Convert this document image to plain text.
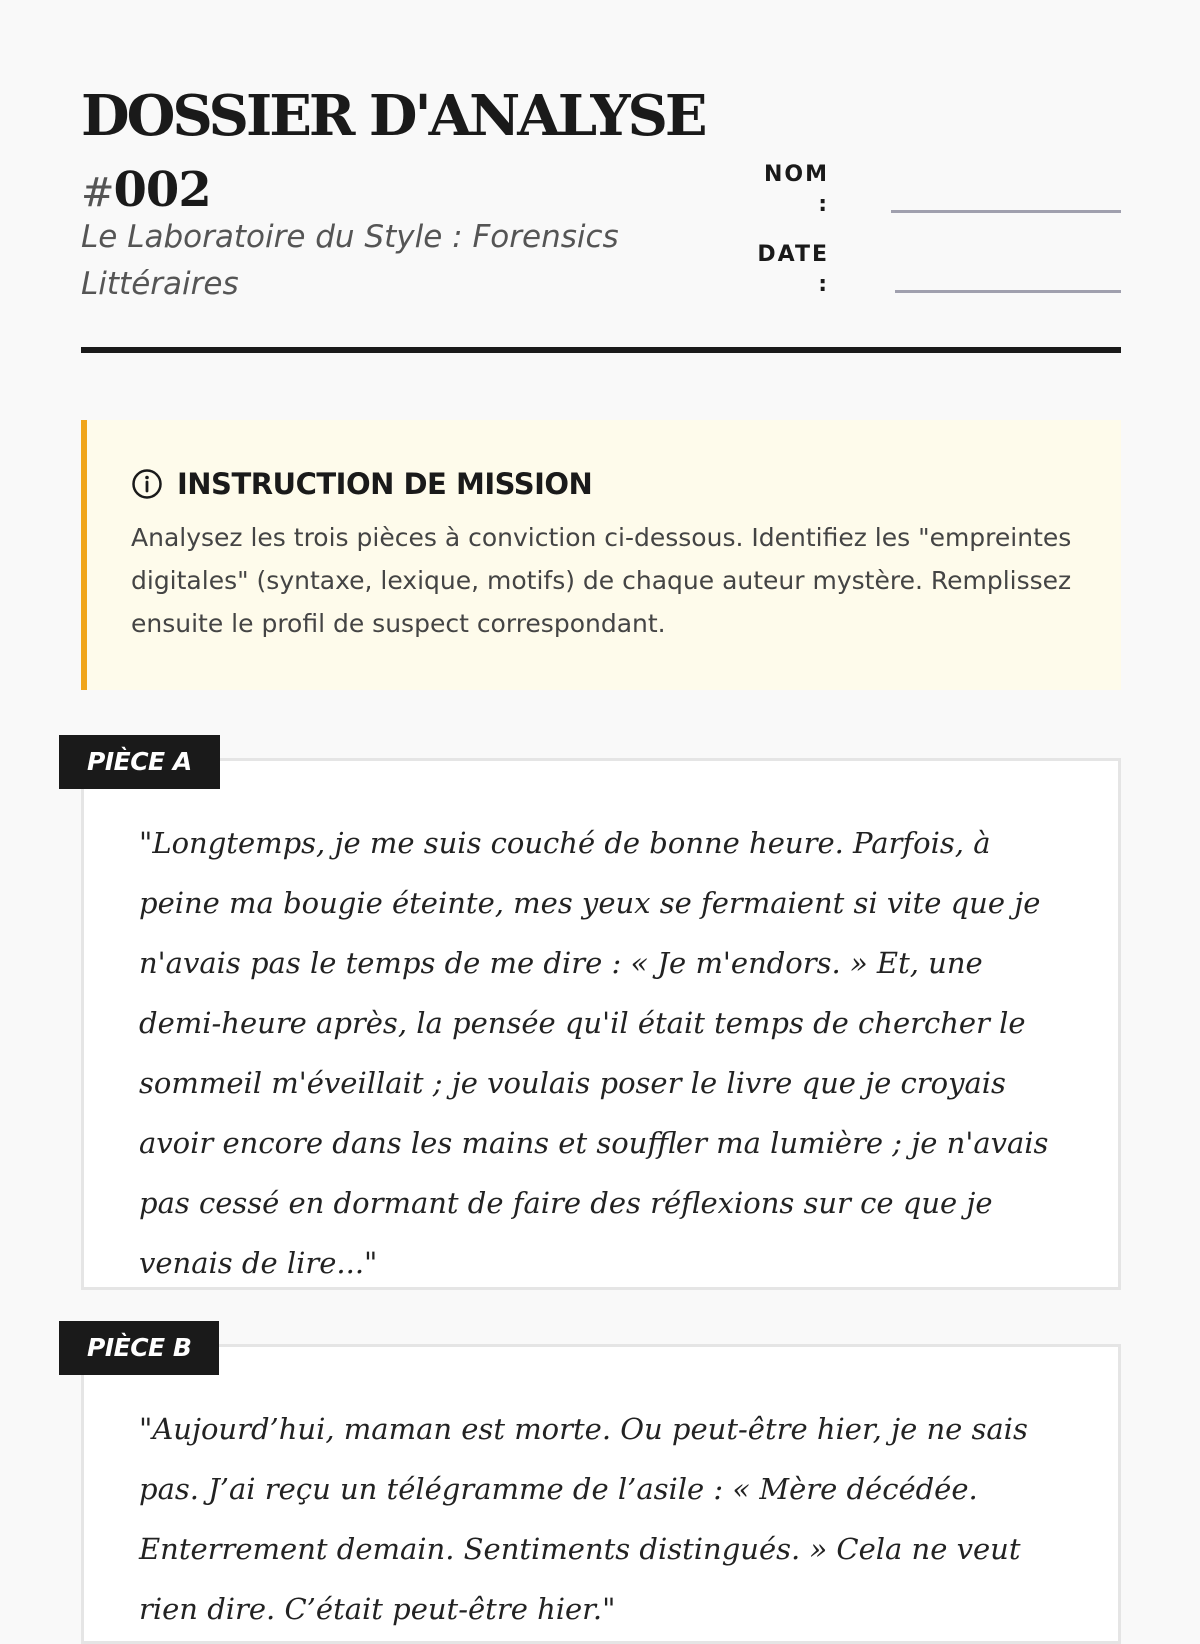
DOSSIER D'ANALYSE
#002
Le Laboratoire du Style : Forensics Littéraires
NOM
:
DATE
:
INSTRUCTION DE MISSION
Analysez les trois pièces à conviction ci-dessous. Identifiez les "empreintes digitales" (syntaxe, lexique, motifs) de chaque auteur mystère. Remplissez ensuite le profil de suspect correspondant.
PIÈCE A
"Longtemps, je me suis couché de bonne heure. Parfois, à peine ma bougie éteinte, mes yeux se fermaient si vite que je n'avais pas le temps de me dire : « Je m'endors. » Et, une demi-heure après, la pensée qu'il était temps de chercher le sommeil m'éveillait ; je voulais poser le livre que je croyais avoir encore dans les mains et souffler ma lumière ; je n'avais pas cessé en dormant de faire des réflexions sur ce que je venais de lire..."
PIÈCE B
"Aujourd’hui, maman est morte. Ou peut-être hier, je ne sais pas. J’ai reçu un télégramme de l’asile : « Mère décédée. Enterrement demain. Sentiments distingués. » Cela ne veut rien dire. C’était peut-être hier."
